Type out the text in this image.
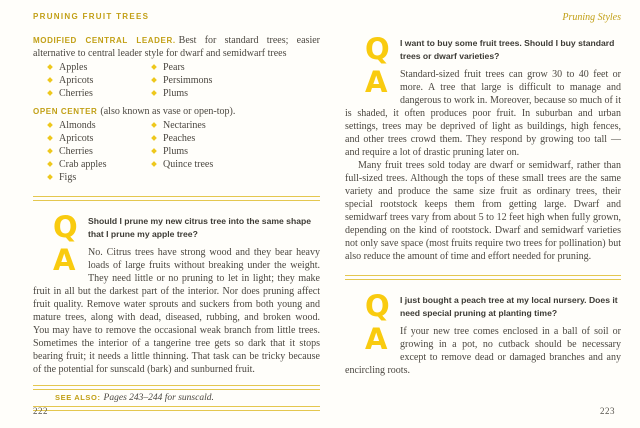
PRUNING FRUIT TREES

MODIFIED CENTRAL LEADER. Best for standard trees; easier alternative to central leader style for dwarf and semidwarf trees

Apples
Apricots
Cherries
Pears
Persimmons
Plums

OPEN CENTER (also known as vase or open-top).

Almonds
Apricots
Cherries
Crab apples
Figs
Nectarines
Peaches
Plums
Quince trees
Q Should I prune my new citrus tree into the same shape that I prune my apple tree?

A	No. Citrus trees have strong wood and they bear heavy loads of large fruits without breaking under the weight. They need little or no pruning to let in light; they make fruit in all but the darkest part of the interior. Nor does pruning affect fruit quality. Remove water sprouts and suckers from both young and mature trees, along with dead, diseased, rubbing, and broken wood. You may have to remove the occasional weak branch from little trees. Sometimes the interior of a tangerine tree gets so dark that it stops bearing fruit; it needs a little thinning. That task can be tricky because of the potential for sunscald (bark) and sunburned fruit.

SEE ALSO: Pages 243–244 for sunscald.

Pruning Styles

Q I want to buy some fruit trees. Should I buy standard trees or dwarf varieties?

A	Standard-sized fruit trees can grow 30 to 40 feet or more. A tree that large is difficult to manage and dangerous to work in. Moreover, because so much of it is shaded, it often produces poor fruit. In suburban and urban settings, trees may be deprived of light as buildings, high fences, and other trees crowd them. They respond by growing too tall — and require a lot of drastic pruning later on.

Many fruit trees sold today are dwarf or semidwarf, rather than full-sized trees. Although the tops of these small trees are the same variety and produce the same size fruit as ordinary trees, their special rootstock keeps them from getting large. Dwarf and semidwarf trees vary from about 5 to 12 feet high when fully grown, depending on the kind of rootstock. Dwarf and semidwarf varieties not only save space (most fruits require two trees for pollination) but also reduce the amount of time and effort needed for pruning.

Q I just bought a peach tree at my local nursery. Does it need special pruning at planting time?

A	If your new tree comes enclosed in a ball of soil or growing in a pot, no cutback should be necessary except to remove dead or damaged branches and any encircling roots.

222	223
